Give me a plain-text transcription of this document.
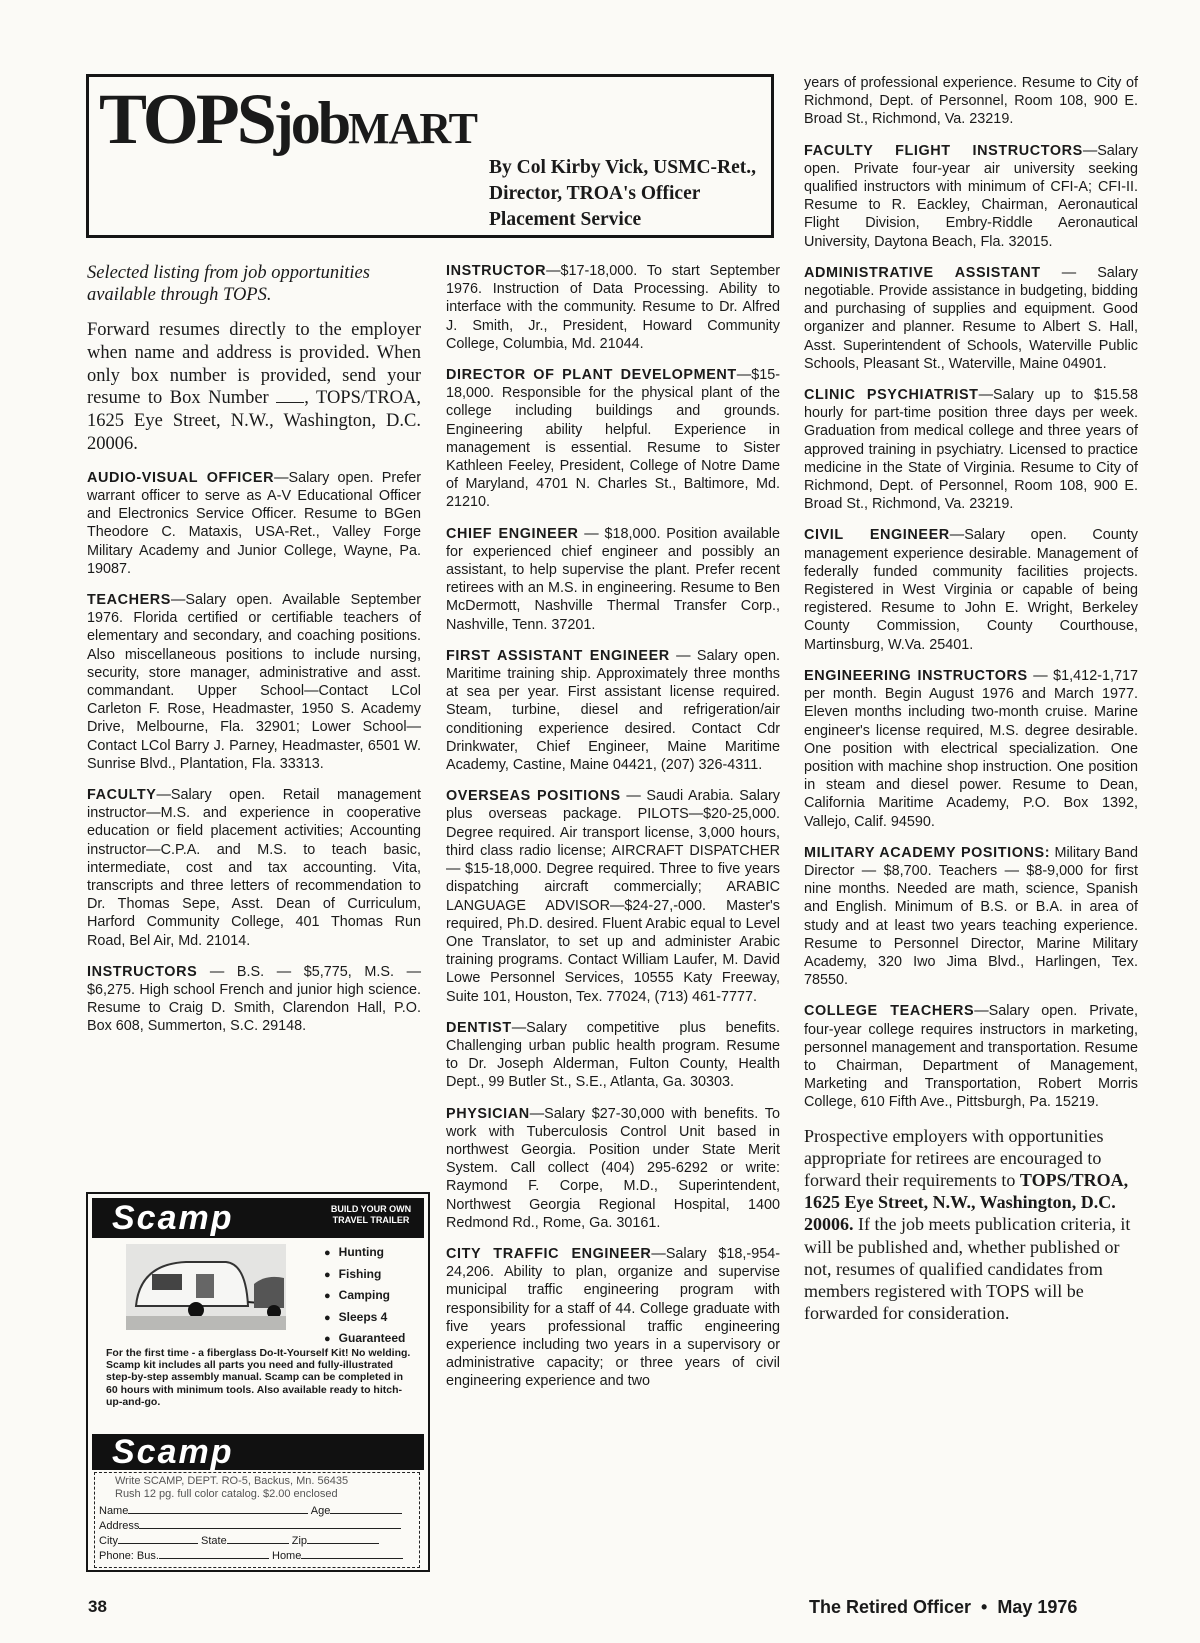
TOPSjobMART
By Col Kirby Vick, USMC-Ret.,
Director, TROA's Officer
Placement Service

Selected listing from job opportunities available through TOPS.

Forward resumes directly to the employer when name and address is provided. When only box number is provided, send your resume to Box Number , TOPS/TROA, 1625 Eye Street, N.W., Washington, D.C. 20006.

AUDIO-VISUAL OFFICER—Salary open. Prefer warrant officer to serve as A-V Educational Officer and Electronics Service Officer. Resume to BGen Theodore C. Mataxis, USA-Ret., Valley Forge Military Academy and Junior College, Wayne, Pa. 19087.

TEACHERS—Salary open. Available September 1976. Florida certified or certifiable teachers of elementary and secondary, and coaching positions. Also miscellaneous positions to include nursing, security, store manager, administrative and asst. commandant. Upper School—Contact LCol Carleton F. Rose, Headmaster, 1950 S. Academy Drive, Melbourne, Fla. 32901; Lower School—Contact LCol Barry J. Parney, Headmaster, 6501 W. Sunrise Blvd., Plantation, Fla. 33313.

FACULTY—Salary open. Retail management instructor—M.S. and experience in cooperative education or field placement activities; Accounting instructor—C.P.A. and M.S. to teach basic, intermediate, cost and tax accounting. Vita, transcripts and three letters of recommendation to Dr. Thomas Sepe, Asst. Dean of Curriculum, Harford Community College, 401 Thomas Run Road, Bel Air, Md. 21014.

INSTRUCTORS — B.S. — $5,775, M.S. — $6,275. High school French and junior high science. Resume to Craig D. Smith, Clarendon Hall, P.O. Box 608, Summerton, S.C. 29148.

Scamp	BUILD YOUR OWN
TRAVEL TRAILER
● Hunting
● Fishing
● Camping
● Sleeps 4
● Guaranteed
For the first time - a fiberglass Do-It-Yourself Kit! No welding. Scamp kit includes all parts you need and fully-illustrated step-by-step assembly manual. Scamp can be completed in 60 hours with minimum tools. Also available ready to hitch-up-and-go.
Scamp
Write SCAMP, DEPT. RO-5, Backus, Mn. 56435
Rush 12 pg. full color catalog. $2.00 enclosed
Name	Age
Address
City	State	Zip
Phone: Bus.	Home

INSTRUCTOR—$17-18,000. To start September 1976. Instruction of Data Processing. Ability to interface with the community. Resume to Dr. Alfred J. Smith, Jr., President, Howard Community College, Columbia, Md. 21044.

DIRECTOR OF PLANT DEVELOPMENT—$15-18,000. Responsible for the physical plant of the college including buildings and grounds. Engineering ability helpful. Experience in management is essential. Resume to Sister Kathleen Feeley, President, College of Notre Dame of Maryland, 4701 N. Charles St., Baltimore, Md. 21210.

CHIEF ENGINEER — $18,000. Position available for experienced chief engineer and possibly an assistant, to help supervise the plant. Prefer recent retirees with an M.S. in engineering. Resume to Ben McDermott, Nashville Thermal Transfer Corp., Nashville, Tenn. 37201.

FIRST ASSISTANT ENGINEER — Salary open. Maritime training ship. Approximately three months at sea per year. First assistant license required. Steam, turbine, diesel and refrigeration/air conditioning experience desired. Contact Cdr Drinkwater, Chief Engineer, Maine Maritime Academy, Castine, Maine 04421, (207) 326-4311.

OVERSEAS POSITIONS — Saudi Arabia. Salary plus overseas package. PILOTS—$20-25,000. Degree required. Air transport license, 3,000 hours, third class radio license; AIRCRAFT DISPATCHER — $15-18,000. Degree required. Three to five years dispatching aircraft commercially; ARABIC LANGUAGE ADVISOR—$24-27,-000. Master's required, Ph.D. desired. Fluent Arabic equal to Level One Translator, to set up and administer Arabic training programs. Contact William Laufer, M. David Lowe Personnel Services, 10555 Katy Freeway, Suite 101, Houston, Tex. 77024, (713) 461-7777.

DENTIST—Salary competitive plus benefits. Challenging urban public health program. Resume to Dr. Joseph Alderman, Fulton County, Health Dept., 99 Butler St., S.E., Atlanta, Ga. 30303.

PHYSICIAN—Salary $27-30,000 with benefits. To work with Tuberculosis Control Unit based in northwest Georgia. Position under State Merit System. Call collect (404) 295-6292 or write: Raymond F. Corpe, M.D., Superintendent, Northwest Georgia Regional Hospital, 1400 Redmond Rd., Rome, Ga. 30161.

CITY TRAFFIC ENGINEER—Salary $18,-954-24,206. Ability to plan, organize and supervise municipal traffic engineering program with responsibility for a staff of 44. College graduate with five years professional traffic engineering experience including two years in a supervisory or administrative capacity; or three years of civil engineering experience and two

years of professional experience. Resume to City of Richmond, Dept. of Personnel, Room 108, 900 E. Broad St., Richmond, Va. 23219.

FACULTY FLIGHT INSTRUCTORS—Salary open. Private four-year air university seeking qualified instructors with minimum of CFI-A; CFI-II. Resume to R. Eackley, Chairman, Aeronautical Flight Division, Embry-Riddle Aeronautical University, Daytona Beach, Fla. 32015.

ADMINISTRATIVE ASSISTANT — Salary negotiable. Provide assistance in budgeting, bidding and purchasing of supplies and equipment. Good organizer and planner. Resume to Albert S. Hall, Asst. Superintendent of Schools, Waterville Public Schools, Pleasant St., Waterville, Maine 04901.

CLINIC PSYCHIATRIST—Salary up to $15.58 hourly for part-time position three days per week. Graduation from medical college and three years of approved training in psychiatry. Licensed to practice medicine in the State of Virginia. Resume to City of Richmond, Dept. of Personnel, Room 108, 900 E. Broad St., Richmond, Va. 23219.

CIVIL ENGINEER—Salary open. County management experience desirable. Management of federally funded community facilities projects. Registered in West Virginia or capable of being registered. Resume to John E. Wright, Berkeley County Commission, County Courthouse, Martinsburg, W.Va. 25401.

ENGINEERING INSTRUCTORS — $1,412-1,717 per month. Begin August 1976 and March 1977. Eleven months including two-month cruise. Marine engineer's license required, M.S. degree desirable. One position with electrical specialization. One position with machine shop instruction. One position in steam and diesel power. Resume to Dean, California Maritime Academy, P.O. Box 1392, Vallejo, Calif. 94590.

MILITARY ACADEMY POSITIONS: Military Band Director — $8,700. Teachers — $8-9,000 for first nine months. Needed are math, science, Spanish and English. Minimum of B.S. or B.A. in area of study and at least two years teaching experience. Resume to Personnel Director, Marine Military Academy, 320 Iwo Jima Blvd., Harlingen, Tex. 78550.

COLLEGE TEACHERS—Salary open. Private, four-year college requires instructors in marketing, personnel management and transportation. Resume to Chairman, Department of Management, Marketing and Transportation, Robert Morris College, 610 Fifth Ave., Pittsburgh, Pa. 15219.

Prospective employers with opportunities appropriate for retirees are encouraged to forward their requirements to TOPS/TROA, 1625 Eye Street, N.W., Washington, D.C. 20006. If the job meets publication criteria, it will be published and, whether published or not, resumes of qualified candidates from members registered with TOPS will be forwarded for consideration.

38	The Retired Officer • May 1976
